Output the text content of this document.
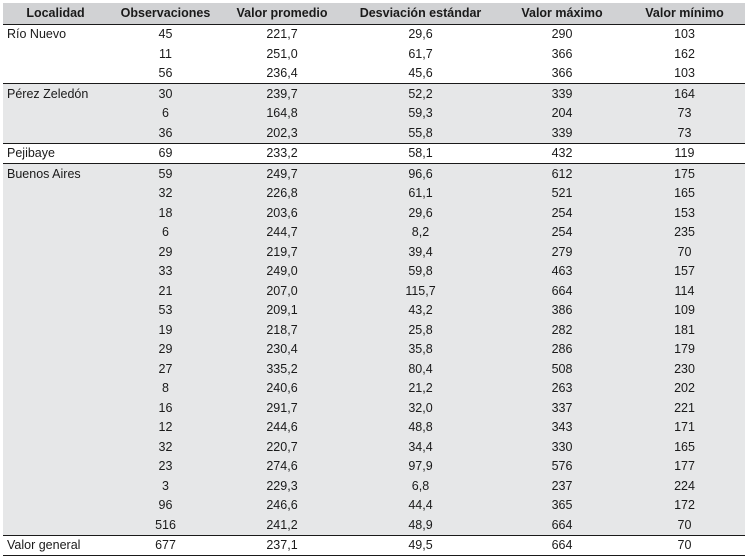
Localidad	Observaciones	Valor promedio	Desviación estándar	Valor máximo	Valor mínimo
Río Nuevo	45	221,7	29,6	290	103
	11	251,0	61,7	366	162
	56	236,4	45,6	366	103
Pérez Zeledón	30	239,7	52,2	339	164
	6	164,8	59,3	204	73
	36	202,3	55,8	339	73
Pejibaye	69	233,2	58,1	432	119
Buenos Aires	59	249,7	96,6	612	175
	32	226,8	61,1	521	165
	18	203,6	29,6	254	153
	6	244,7	8,2	254	235
	29	219,7	39,4	279	70
	33	249,0	59,8	463	157
	21	207,0	115,7	664	114
	53	209,1	43,2	386	109
	19	218,7	25,8	282	181
	29	230,4	35,8	286	179
	27	335,2	80,4	508	230
	8	240,6	21,2	263	202
	16	291,7	32,0	337	221
	12	244,6	48,8	343	171
	32	220,7	34,4	330	165
	23	274,6	97,9	576	177
	3	229,3	6,8	237	224
	96	246,6	44,4	365	172
	516	241,2	48,9	664	70
Valor general	677	237,1	49,5	664	70
